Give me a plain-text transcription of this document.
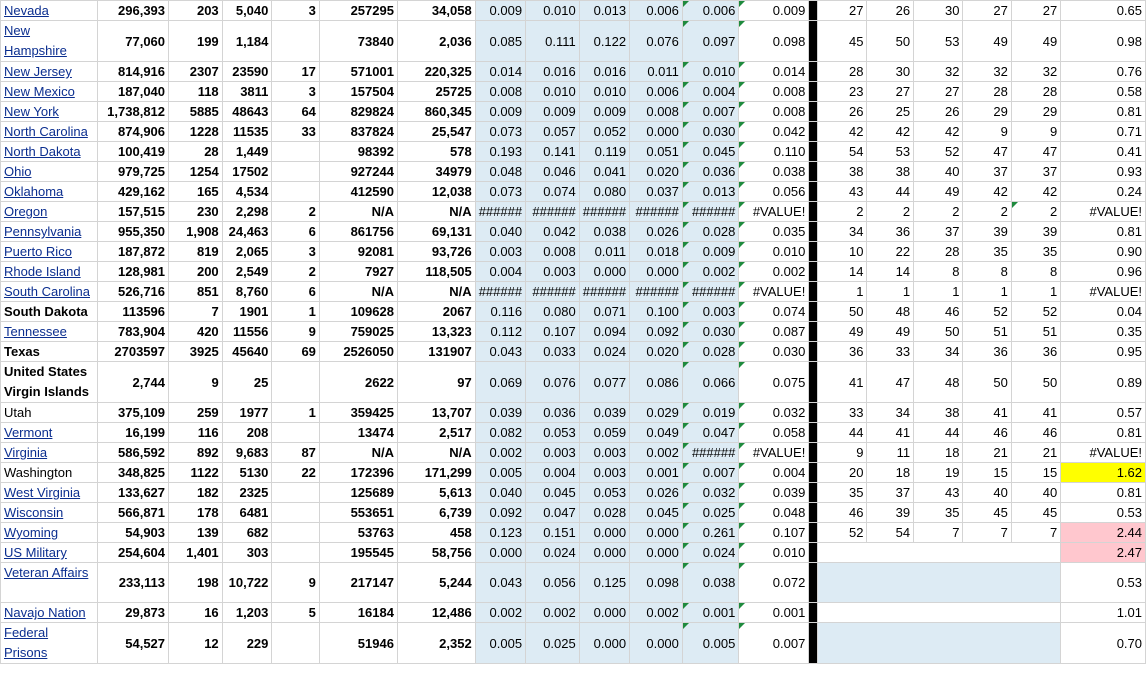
Nevada	296,393	203	5,040	3	257295	34,058	0.009	0.010	0.013	0.006	0.006	0.009		27	26	30	27	27	0.65
New Hampshire	77,060	199	1,184		73840	2,036	0.085	0.111	0.122	0.076	0.097	0.098		45	50	53	49	49	0.98
New Jersey	814,916	2307	23590	17	571001	220,325	0.014	0.016	0.016	0.011	0.010	0.014		28	30	32	32	32	0.76
New Mexico	187,040	118	3811	3	157504	25725	0.008	0.010	0.010	0.006	0.004	0.008		23	27	27	28	28	0.58
New York	1,738,812	5885	48643	64	829824	860,345	0.009	0.009	0.009	0.008	0.007	0.008		26	25	26	29	29	0.81
North Carolina	874,906	1228	11535	33	837824	25,547	0.073	0.057	0.052	0.000	0.030	0.042		42	42	42	9	9	0.71
North Dakota	100,419	28	1,449		98392	578	0.193	0.141	0.119	0.051	0.045	0.110		54	53	52	47	47	0.41
Ohio	979,725	1254	17502		927244	34979	0.048	0.046	0.041	0.020	0.036	0.038		38	38	40	37	37	0.93
Oklahoma	429,162	165	4,534		412590	12,038	0.073	0.074	0.080	0.037	0.013	0.056		43	44	49	42	42	0.24
Oregon	157,515	230	2,298	2	N/A	N/A	######	######	######	######	######	#VALUE!		2	2	2	2	2	#VALUE!
Pennsylvania	955,350	1,908	24,463	6	861756	69,131	0.040	0.042	0.038	0.026	0.028	0.035		34	36	37	39	39	0.81
Puerto Rico	187,872	819	2,065	3	92081	93,726	0.003	0.008	0.011	0.018	0.009	0.010		10	22	28	35	35	0.90
Rhode Island	128,981	200	2,549	2	7927	118,505	0.004	0.003	0.000	0.000	0.002	0.002		14	14	8	8	8	0.96
South Carolina	526,716	851	8,760	6	N/A	N/A	######	######	######	######	######	#VALUE!		1	1	1	1	1	#VALUE!
South Dakota	113596	7	1901	1	109628	2067	0.116	0.080	0.071	0.100	0.003	0.074		50	48	46	52	52	0.04
Tennessee	783,904	420	11556	9	759025	13,323	0.112	0.107	0.094	0.092	0.030	0.087		49	49	50	51	51	0.35
Texas	2703597	3925	45640	69	2526050	131907	0.043	0.033	0.024	0.020	0.028	0.030		36	33	34	36	36	0.95
United States Virgin Islands	2,744	9	25		2622	97	0.069	0.076	0.077	0.086	0.066	0.075		41	47	48	50	50	0.89
Utah	375,109	259	1977	1	359425	13,707	0.039	0.036	0.039	0.029	0.019	0.032		33	34	38	41	41	0.57
Vermont	16,199	116	208		13474	2,517	0.082	0.053	0.059	0.049	0.047	0.058		44	41	44	46	46	0.81
Virginia	586,592	892	9,683	87	N/A	N/A	0.002	0.003	0.003	0.002	######	#VALUE!		9	11	18	21	21	#VALUE!
Washington	348,825	1122	5130	22	172396	171,299	0.005	0.004	0.003	0.001	0.007	0.004		20	18	19	15	15	1.62
West Virginia	133,627	182	2325		125689	5,613	0.040	0.045	0.053	0.026	0.032	0.039		35	37	43	40	40	0.81
Wisconsin	566,871	178	6481		553651	6,739	0.092	0.047	0.028	0.045	0.025	0.048		46	39	35	45	45	0.53
Wyoming	54,903	139	682		53763	458	0.123	0.151	0.000	0.000	0.261	0.107		52	54	7	7	7	2.44
US Military	254,604	1,401	303		195545	58,756	0.000	0.024	0.000	0.000	0.024	0.010							2.47
Veteran Affairs	233,113	198	10,722	9	217147	5,244	0.043	0.056	0.125	0.098	0.038	0.072							0.53
Navajo Nation	29,873	16	1,203	5	16184	12,486	0.002	0.002	0.000	0.002	0.001	0.001							1.01
Federal Prisons	54,527	12	229		51946	2,352	0.005	0.025	0.000	0.000	0.005	0.007							0.70
